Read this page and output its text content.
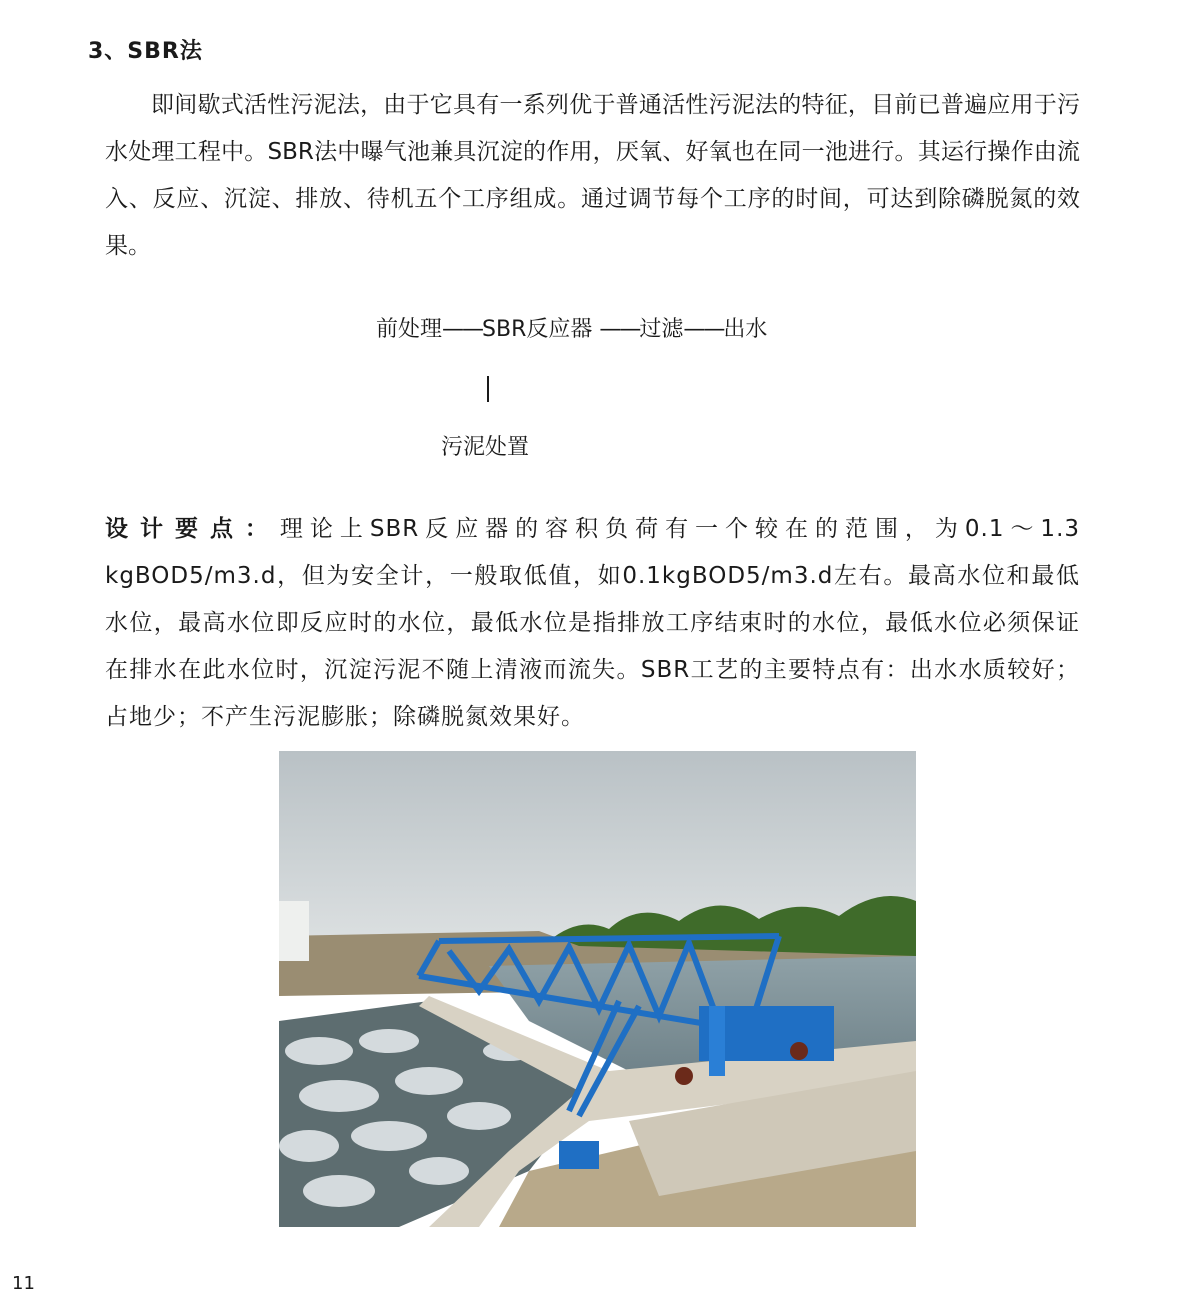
3、SBR法

即间歇式活性污泥法，由于它具有一系列优于普通活性污泥法的特征，目前已普遍应用于污水处理工程中。SBR法中曝气池兼具沉淀的作用，厌氧、好氧也在同一池进行。其运行操作由流入、反应、沉淀、排放、待机五个工序组成。通过调节每个工序的时间，可达到除磷脱氮的效果。

前处理——SBR反应器 ——过滤——出水
污泥处置

设计要点：理论上SBR反应器的容积负荷有一个较在的范围，为0.1～1.3 kgBOD5/m3.d，但为安全计，一般取低值，如0.1kgBOD5/m3.d左右。最高水位和最低水位，最高水位即反应时的水位，最低水位是指排放工序结束时的水位，最低水位必须保证在排水在此水位时，沉淀污泥不随上清液而流失。SBR工艺的主要特点有：出水水质较好；占地少；不产生污泥膨胀；除磷脱氮效果好。

11
